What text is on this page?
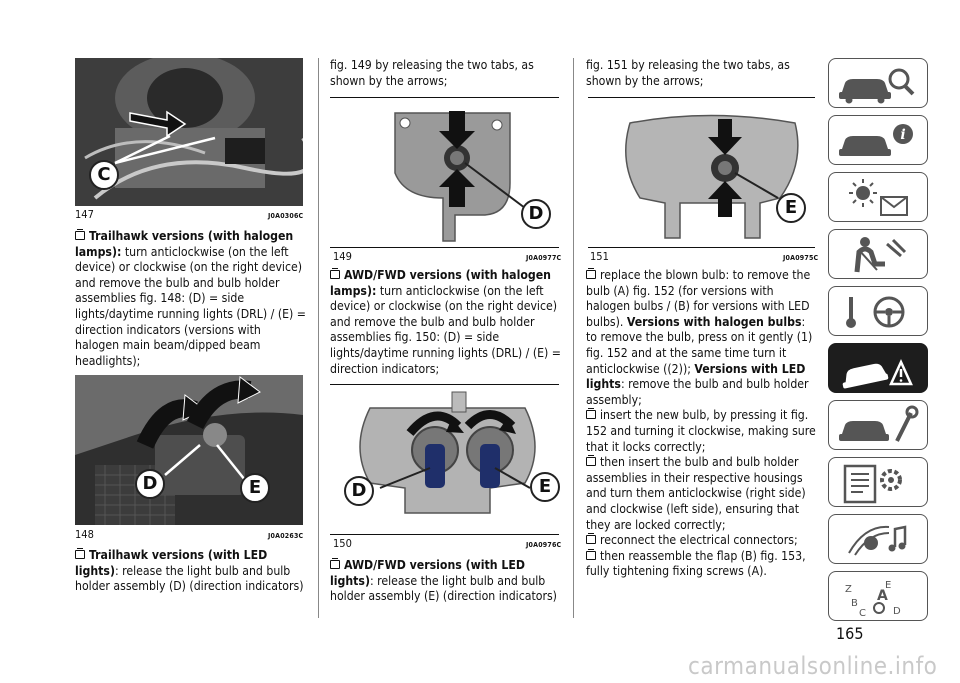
C
147	J0A0306C

Trailhawk versions (with halogen lamps): turn anticlockwise (on the left device) or clockwise (on the right device) and remove the bulb and bulb holder assemblies fig. 148: (D) = side lights/daytime running lights (DRL) / (E) = direction indicators (versions with halogen main beam/dipped beam headlights);

D	E
148	J0A0263C

Trailhawk versions (with LED lights): release the light bulb and bulb holder assembly (D) (direction indicators)

fig. 149 by releasing the two tabs, as shown by the arrows;
D
149	J0A0977C

AWD/FWD versions (with halogen lamps): turn anticlockwise (on the left device) or clockwise (on the right device) and remove the bulb and bulb holder assemblies fig. 150: (D) = side lights/daytime running lights (DRL) / (E) = direction indicators;

D	E
150	J0A0976C

AWD/FWD versions (with LED lights): release the light bulb and bulb holder assembly (E) (direction indicators)

fig. 151 by releasing the two tabs, as shown by the arrows;
E
151	J0A0975C

replace the blown bulb: to remove the bulb (A) fig. 152 (for versions with halogen bulbs / (B) for versions with LED bulbs). Versions with halogen bulbs: to remove the bulb, press on it gently (1) fig. 152 and at the same time turn it anticlockwise ((2)); Versions with LED lights: remove the bulb and bulb holder assembly;

insert the new bulb, by pressing it fig. 152 and turning it clockwise, making sure that it locks correctly;

then insert the bulb and bulb holder assemblies in their respective housings and turn them anticlockwise (right side) and clockwise (left side), ensuring that they are locked correctly;

reconnect the electrical connectors;

then reassemble the flap (B) fig. 153, fully tightening fixing screws (A).

i
Z	E
B A
C	D
165
carmanualsonline.info
